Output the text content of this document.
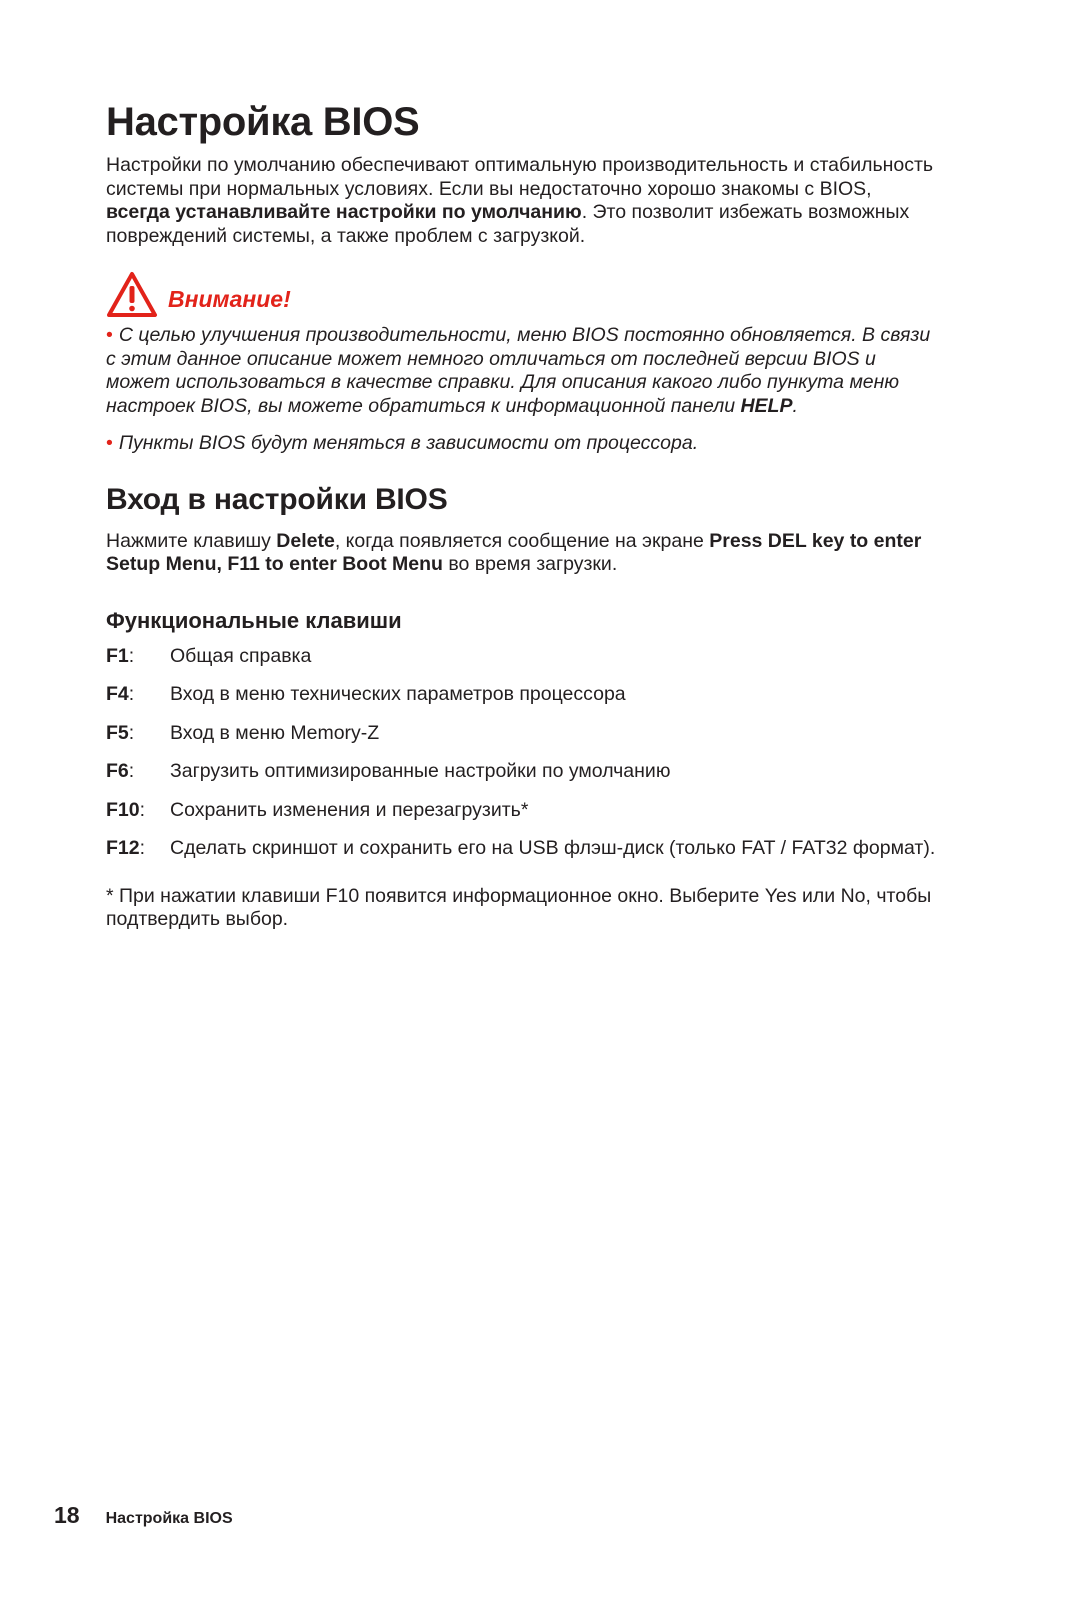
Настройка BIOS

Настройки по умолчанию обеспечивают оптимальную производительность и стабильность системы при нормальных условиях. Если вы недостаточно хорошо знакомы с BIOS, всегда устанавливайте настройки по умолчанию. Это позволит избежать возможных повреждений системы, а также проблем с загрузкой.

Внимание!

• С целью улучшения производительности, меню BIOS постоянно обновляется. В связи с этим данное описание может немного отличаться от последней версии BIOS и может использоваться в качестве справки. Для описания какого либо пункута меню настроек BIOS, вы можете обратиться к информационной панели HELP.

• Пункты BIOS будут меняться в зависимости от процессора.

Вход в настройки BIOS

Нажмите клавишу Delete, когда появляется сообщение на экране Press DEL key to enter Setup Menu, F11 to enter Boot Menu во время загрузки.

Функциональные клавиши
F1:	Общая справка
F4:	Вход в меню технических параметров процессора
F5:	Вход в меню Memory-Z
F6:	Загрузить оптимизированные настройки по умолчанию
F10:	Сохранить изменения и перезагрузить*
F12:	Сделать скриншот и сохранить его на USB флэш-диск (только FAT / FAT32 формат).

* При нажатии клавиши F10 появится информационное окно. Выберите Yes или No, чтобы подтвердить выбор.

18 Настройка BIOS
